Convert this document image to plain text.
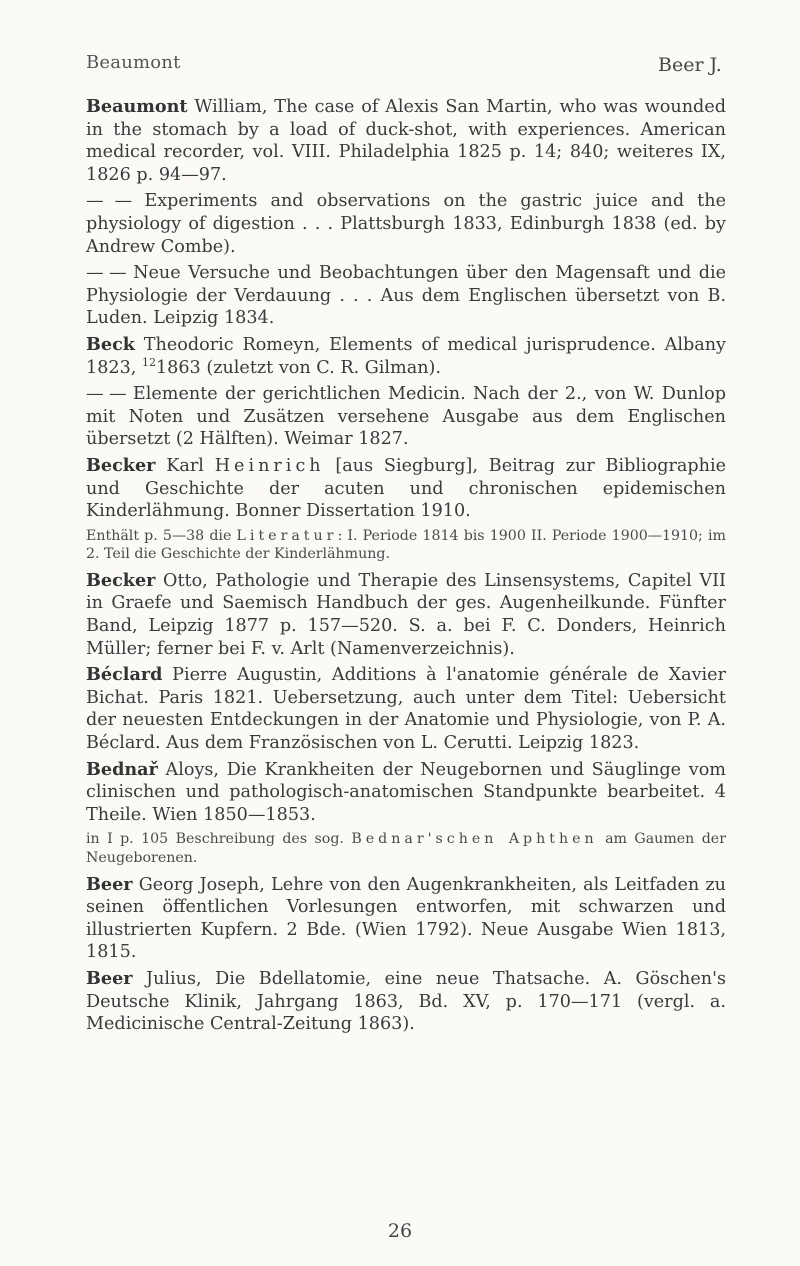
Beaumont	Beer J.

Beaumont William, The case of Alexis San Martin, who was wounded in the stomach by a load of duck-shot, with experiences. American medical recorder, vol. VIII. Philadelphia 1825 p. 14; 840; weiteres IX, 1826 p. 94—97.

— — Experiments and observations on the gastric juice and the physiology of digestion . . . Plattsburgh 1833, Edinburgh 1838 (ed. by Andrew Combe).

— — Neue Versuche und Beobachtungen über den Magensaft und die Physiologie der Verdauung . . . Aus dem Englischen übersetzt von B. Luden. Leipzig 1834.

Beck Theodoric Romeyn, Elements of medical jurisprudence. Albany 1823, $^{12}$1863 (zuletzt von C. R. Gilman).

— — Elemente der gerichtlichen Medicin. Nach der 2., von W. Dunlop mit Noten und Zusätzen versehene Ausgabe aus dem Englischen übersetzt (2 Hälften). Weimar 1827.

Becker Karl Heinrich [aus Siegburg], Beitrag zur Bibliographie und Geschichte der acuten und chronischen epidemischen Kinderlähmung. Bonner Dissertation 1910.

Enthält p. 5—38 die Literatur: I. Periode 1814 bis 1900 II. Periode 1900—1910; im 2. Teil die Geschichte der Kinderlähmung.

Becker Otto, Pathologie und Therapie des Linsensystems, Capitel VII in Graefe und Saemisch Handbuch der ges. Augenheilkunde. Fünfter Band, Leipzig 1877 p. 157—520. S. a. bei F. C. Donders, Heinrich Müller; ferner bei F. v. Arlt (Namenverzeichnis).

Béclard Pierre Augustin, Additions à l'anatomie générale de Xavier Bichat. Paris 1821. Uebersetzung, auch unter dem Titel: Uebersicht der neuesten Entdeckungen in der Anatomie und Physiologie, von P. A. Béclard. Aus dem Französischen von L. Cerutti. Leipzig 1823.

Bednař Aloys, Die Krankheiten der Neugebornen und Säuglinge vom clinischen und pathologisch-anatomischen Standpunkte bearbeitet. 4 Theile. Wien 1850—1853.

in I p. 105 Beschreibung des sog. Bednar'schen Aphthen am Gaumen der Neugeborenen.

Beer Georg Joseph, Lehre von den Augenkrankheiten, als Leitfaden zu seinen öffentlichen Vorlesungen entworfen, mit schwarzen und illustrierten Kupfern. 2 Bde. (Wien 1792). Neue Ausgabe Wien 1813, 1815.

Beer Julius, Die Bdellatomie, eine neue Thatsache. A. Göschen's Deutsche Klinik, Jahrgang 1863, Bd. XV, p. 170—171 (vergl. a. Medicinische Central-Zeitung 1863).

26
